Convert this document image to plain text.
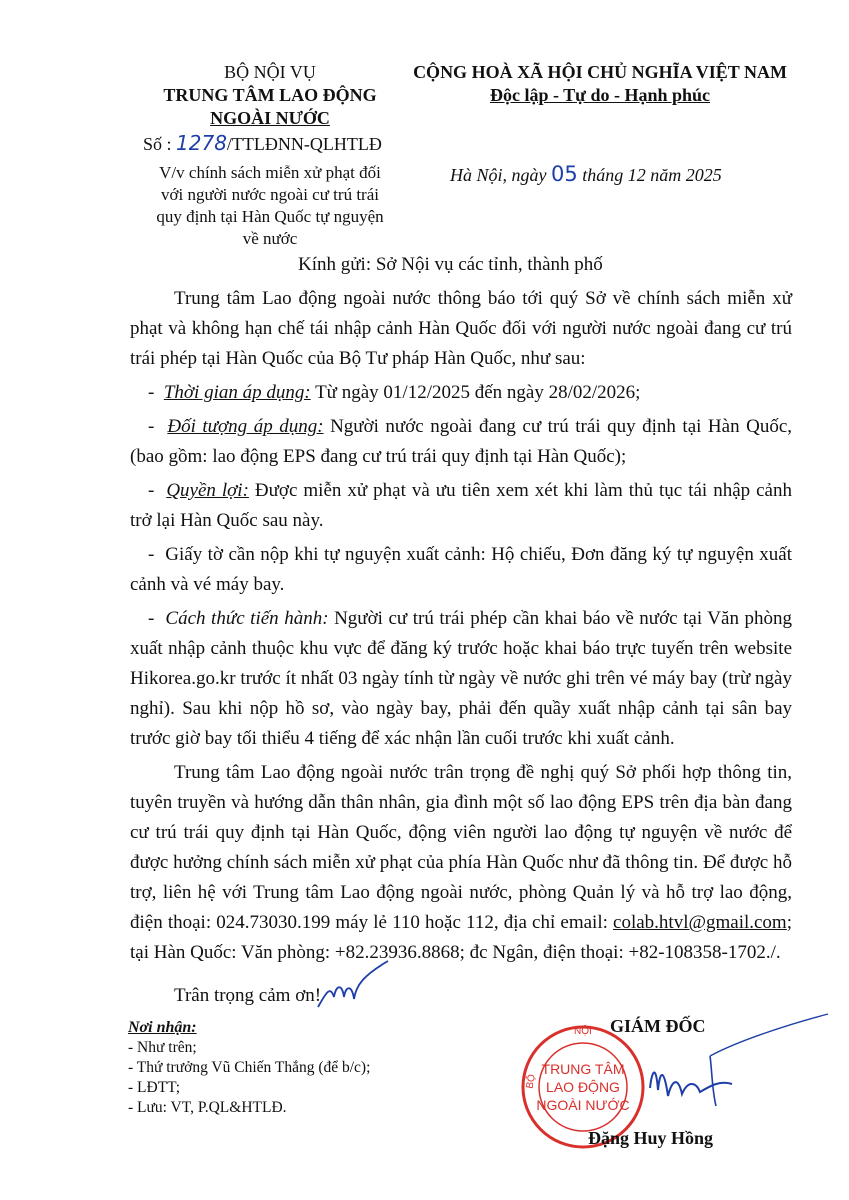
BỘ NỘI VỤ
TRUNG TÂM LAO ĐỘNG
NGOÀI NƯỚC
Số : 1278/TTLĐNN-QLHTLĐ
V/v chính sách miễn xử phạt đối
với người nước ngoài cư trú trái
quy định tại Hàn Quốc tự nguyện
về nước
CỘNG HOÀ XÃ HỘI CHỦ NGHĨA VIỆT NAM
Độc lập - Tự do - Hạnh phúc
Hà Nội, ngày 05 tháng 12 năm 2025
Kính gửi: Sở Nội vụ các tỉnh, thành phố
Trung tâm Lao động ngoài nước thông báo tới quý Sở về chính sách miễn xử phạt và không hạn chế tái nhập cảnh Hàn Quốc đối với người nước ngoài đang cư trú trái phép tại Hàn Quốc của Bộ Tư pháp Hàn Quốc, như sau:
- Thời gian áp dụng: Từ ngày 01/12/2025 đến ngày 28/02/2026;
- Đối tượng áp dụng: Người nước ngoài đang cư trú trái quy định tại Hàn Quốc, (bao gồm: lao động EPS đang cư trú trái quy định tại Hàn Quốc);
- Quyền lợi: Được miễn xử phạt và ưu tiên xem xét khi làm thủ tục tái nhập cảnh trở lại Hàn Quốc sau này.
-  Giấy tờ cần nộp khi tự nguyện xuất cảnh: Hộ chiếu, Đơn đăng ký tự nguyện xuất cảnh và vé máy bay.
- Cách thức tiến hành: Người cư trú trái phép cần khai báo về nước tại Văn phòng xuất nhập cảnh thuộc khu vực để đăng ký trước hoặc khai báo trực tuyến trên website Hikorea.go.kr trước ít nhất 03 ngày tính từ ngày về nước ghi trên vé máy bay (trừ ngày nghỉ). Sau khi nộp hồ sơ, vào ngày bay, phải đến quầy xuất nhập cảnh tại sân bay trước giờ bay tối thiểu 4 tiếng để xác nhận lần cuối trước khi xuất cảnh.
Trung tâm Lao động ngoài nước trân trọng đề nghị quý Sở phối hợp thông tin, tuyên truyền và hướng dẫn thân nhân, gia đình một số lao động EPS trên địa bàn đang cư trú trái quy định tại Hàn Quốc, động viên người lao động tự nguyện về nước để được hưởng chính sách miễn xử phạt của phía Hàn Quốc như đã thông tin. Để được hỗ trợ, liên hệ với Trung tâm Lao động ngoài nước, phòng Quản lý và hỗ trợ lao động, điện thoại: 024.73030.199 máy lẻ 110 hoặc 112, địa chỉ email: colab.htvl@gmail.com; tại Hàn Quốc: Văn phòng: +82.23936.8868; đc Ngân, điện thoại: +82-108358-1702./.
Trân trọng cảm ơn!
Nơi nhận:
- Như trên;
- Thứ trưởng Vũ Chiến Thắng (để b/c);
- LĐTT;
- Lưu: VT, P.QL&HTLĐ.
GIÁM ĐỐC
NỘI
BỘ
TRUNG TÂM
LAO ĐỘNG
NGOÀI NƯỚC
Đặng Huy Hồng
